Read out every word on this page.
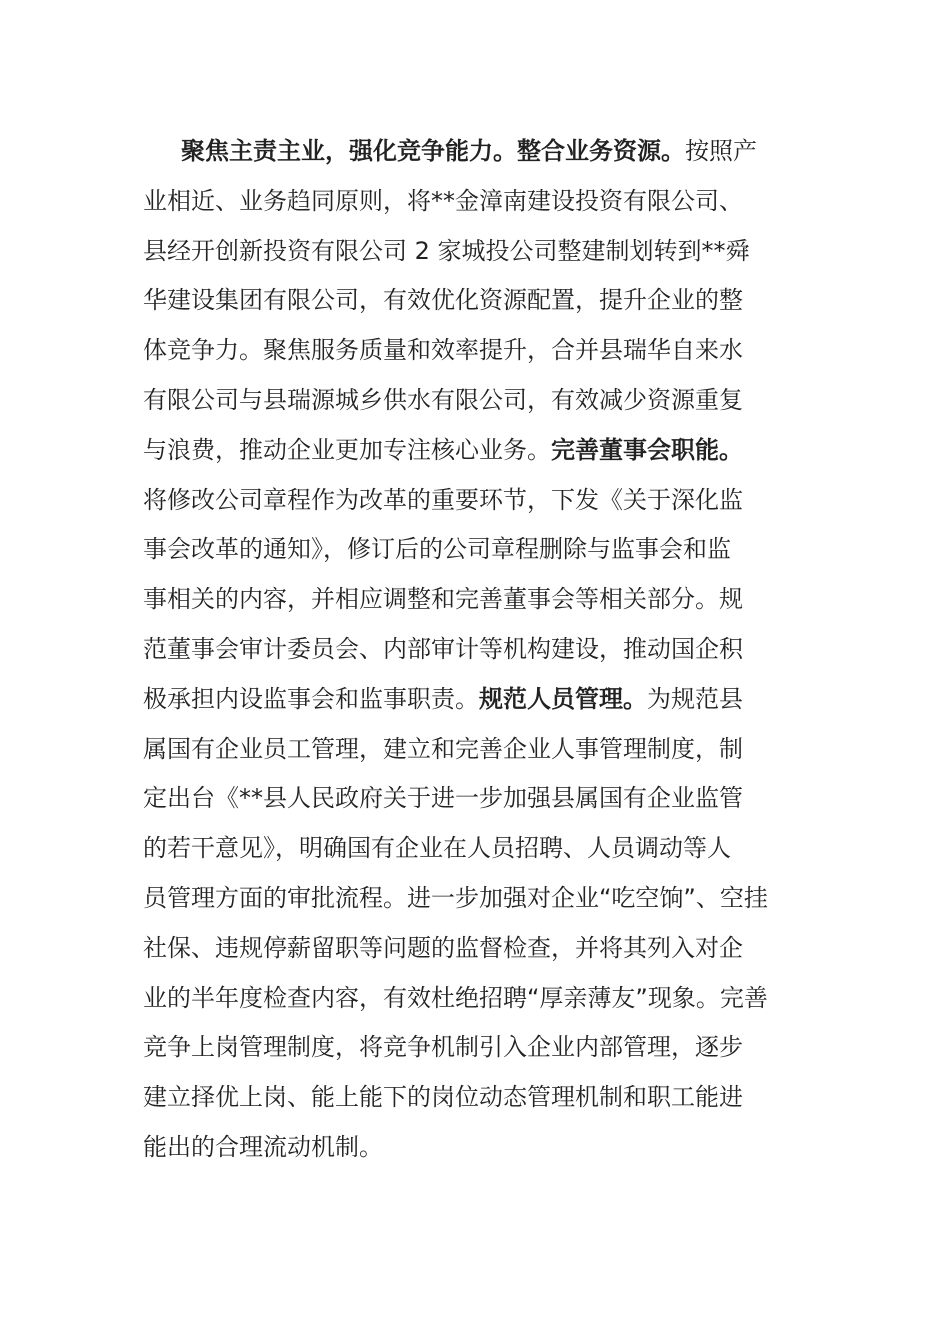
聚焦主责主业，强化竞争能力。整合业务资源。按照产
业相近、业务趋同原则，将**金漳南建设投资有限公司、
县经开创新投资有限公司 2 家城投公司整建制划转到**舜
华建设集团有限公司，有效优化资源配置，提升企业的整
体竞争力。聚焦服务质量和效率提升，合并县瑞华自来水
有限公司与县瑞源城乡供水有限公司，有效减少资源重复
与浪费，推动企业更加专注核心业务。完善董事会职能。
将修改公司章程作为改革的重要环节，下发《关于深化监
事会改革的通知》，修订后的公司章程删除与监事会和监
事相关的内容，并相应调整和完善董事会等相关部分。规
范董事会审计委员会、内部审计等机构建设，推动国企积
极承担内设监事会和监事职责。规范人员管理。为规范县
属国有企业员工管理，建立和完善企业人事管理制度，制
定出台《**县人民政府关于进一步加强县属国有企业监管
的若干意见》，明确国有企业在人员招聘、人员调动等人
员管理方面的审批流程。进一步加强对企业“吃空饷”、空挂
社保、违规停薪留职等问题的监督检查，并将其列入对企
业的半年度检查内容，有效杜绝招聘“厚亲薄友”现象。完善
竞争上岗管理制度，将竞争机制引入企业内部管理，逐步
建立择优上岗、能上能下的岗位动态管理机制和职工能进
能出的合理流动机制。
